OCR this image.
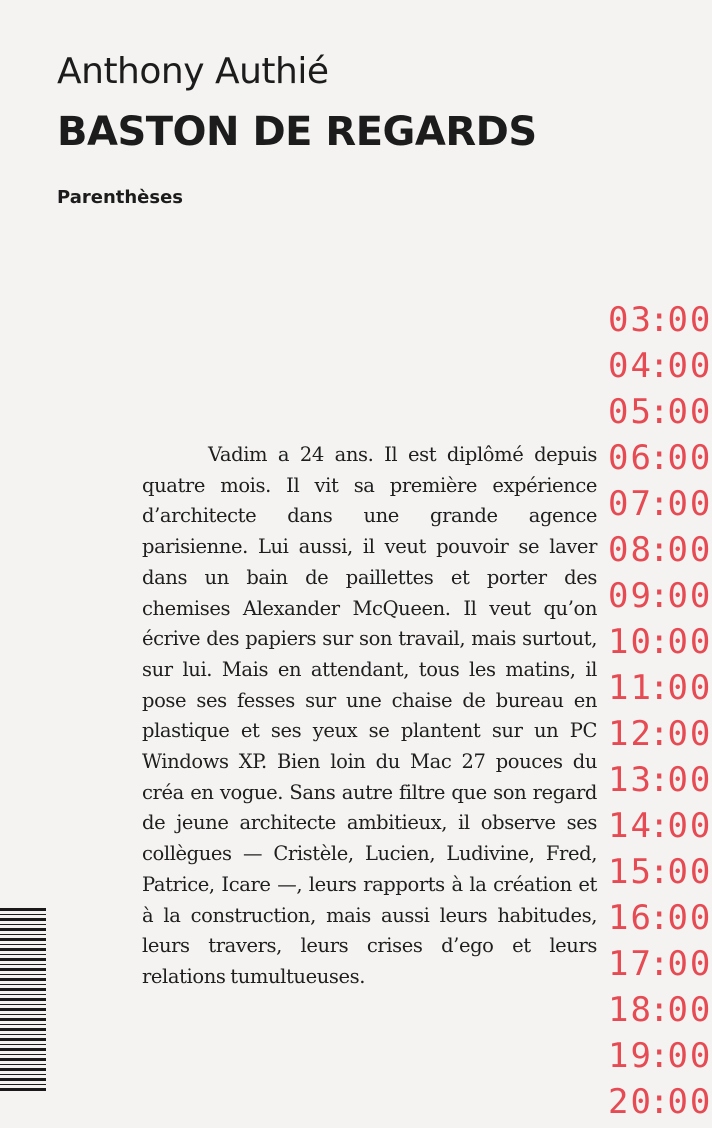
Anthony Authié
BASTON DE REGARDS
Parenthèses

Vadim a 24 ans. Il est diplômé depuis quatre mois. Il vit sa première expérience d’architecte dans une grande agence parisienne. Lui aussi, il veut pouvoir se laver dans un bain de paillettes et porter des chemises Alexander McQueen. Il veut qu’on écrive des papiers sur son travail, mais surtout, sur lui. Mais en attendant, tous les matins, il pose ses fesses sur une chaise de bureau en plastique et ses yeux se plantent sur un PC Windows XP. Bien loin du Mac 27 pouces du créa en vogue. Sans autre filtre que son regard de jeune architecte ambitieux, il observe ses collègues — Cristèle, Lucien, Ludivine, Fred, Patrice, Icare —, leurs rapports à la création et à la construction, mais aussi leurs habitudes, leurs travers, leurs crises d’ego et leurs relations tumultueuses.

03:00
04:00
05:00
06:00
07:00
08:00
09:00
10:00
11:00
12:00
13:00
14:00
15:00
16:00
17:00
18:00
19:00
20:00
